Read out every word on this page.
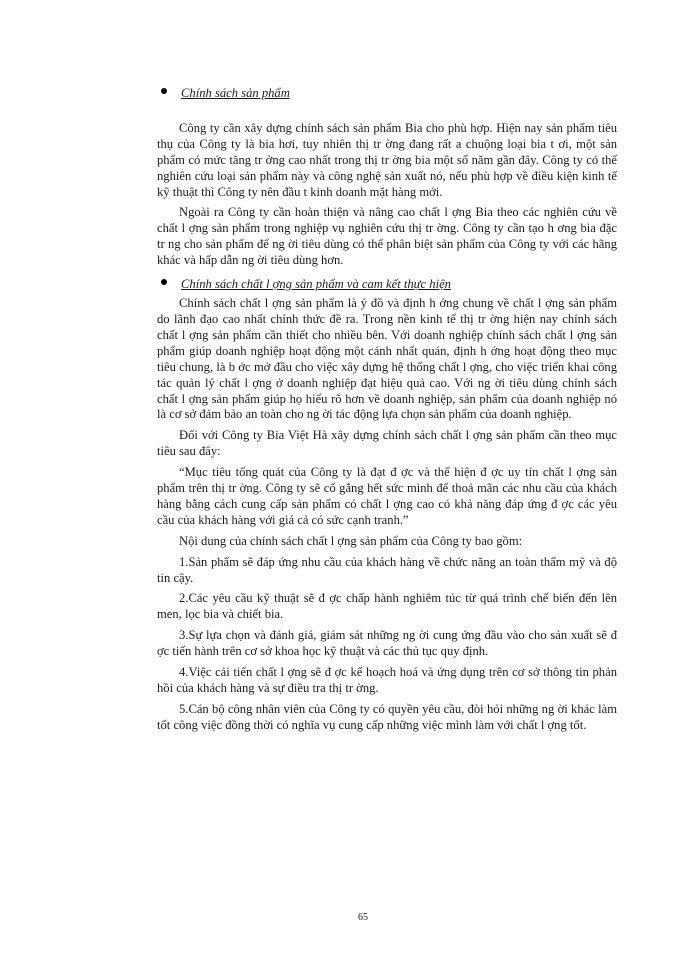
Chính sách sản phẩm

Công ty cần xây dựng chính sách sản phẩm Bia cho phù hợp. Hiện nay sản phẩm tiêu thụ của Công ty là bia hơi, tuy nhiên thị tr ờng đang rất a chuộng loại bia t ơi, một sản phẩm có mức tăng tr ởng cao nhất trong thị tr ờng bia một số năm gần đây. Công ty có thể nghiên cứu loại sản phẩm này và công nghệ sản xuất nó, nếu phù hợp về điều kiện kinh tế kỹ thuật thì Công ty nên đầu t kinh doanh mặt hàng mới.

Ngoài ra Công ty cần hoàn thiện và nâng cao chất l ợng Bia theo các nghiên cứu về chất l ợng sản phẩm trong nghiệp vụ nghiên cứu thị tr ờng. Công ty cần tạo h ơng bia đặc tr ng cho sản phẩm để ng ời tiêu dùng có thể phân biệt sản phẩm của Công ty với các hãng khác và hấp dẫn ng ời tiêu dùng hơn.

Chính sách chất l ợng sản phẩm và cam kết thực hiện

Chính sách chất l ợng sản phẩm là ý đồ và định h ớng chung về chất l ợng sản phẩm do lãnh đạo cao nhất chính thức đề ra. Trong nền kinh tế thị tr ờng hiện nay chính sách chất l ợng sản phẩm cần thiết cho nhiều bên. Với doanh nghiệp chính sách chất l ợng sản phẩm giúp doanh nghiệp hoạt động một cánh nhất quán, định h ớng hoạt động theo mục tiêu chung, là b ớc mở đầu cho việc xây dựng hệ thống chất l ợng, cho việc triển khai công tác quản lý chất l ợng ở doanh nghiệp đạt hiệu quả cao. Với ng ời tiêu dùng chính sách chất l ợng sản phẩm giúp họ hiểu rõ hơn về doanh nghiệp, sản phẩm của doanh nghiệp nó là cơ sở đảm bảo an toàn cho ng ời tác động lựa chọn sản phẩm của doanh nghiệp.

Đối với Công ty Bia Việt Hà xây dựng chính sách chất l ợng sản phẩm cần theo mục tiêu sau đây:

“Mục tiêu tổng quát của Công ty là đạt đ ợc và thể hiện đ ợc uy tín chất l ợng sản phẩm trên thị tr ờng. Công ty sẽ cố gắng hết sức mình để thoả mãn các nhu cầu của khách hàng bằng cách cung cấp sản phẩm có chất l ợng cao có khả năng đáp ứng đ ợc các yêu cầu của khách hàng với giá cả có sức cạnh tranh.”

Nội dung của chính sách chất l ợng sản phẩm của Công ty bao gồm:

1.Sản phẩm sẽ đáp ứng nhu cầu của khách hàng về chức năng an toàn thẩm mỹ và độ tin cậy.

2.Các yêu cầu kỹ thuật sẽ đ ợc chấp hành nghiêm túc từ quá trình chế biến đến lên men, lọc bia và chiết bia.

3.Sự lựa chọn và đánh giá, giám sát những ng ời cung ứng đầu vào cho sản xuất sẽ đ ợc tiến hành trên cơ sở khoa học kỹ thuật và các thủ tục quy định.

4.Việc cải tiến chất l ợng sẽ đ ợc kế hoạch hoá và ứng dụng trên cơ sở thông tin phản hồi của khách hàng và sự điều tra thị tr ờng.

5.Cán bộ công nhân viên của Công ty có quyền yêu cầu, đòi hỏi những ng ời khác làm tốt công việc đồng thời có nghĩa vụ cung cấp những việc mình làm với chất l ợng tốt.

65
